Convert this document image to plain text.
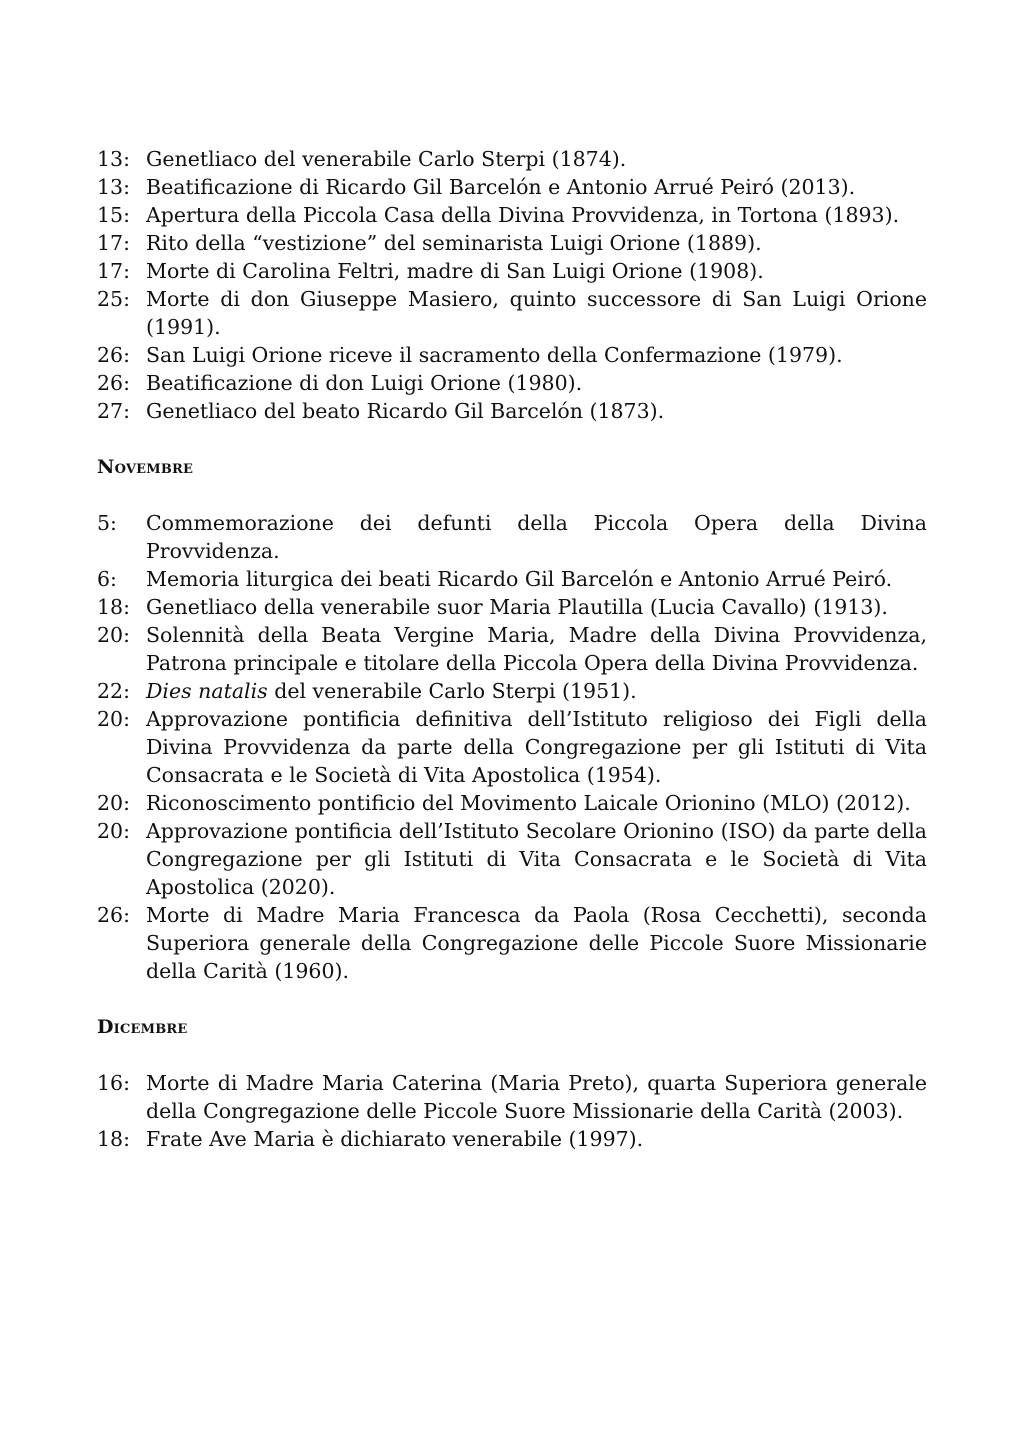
13: Genetliaco del venerabile Carlo Sterpi (1874).
13: Beatificazione di Ricardo Gil Barcelón e Antonio Arrué Peiró (2013).
15: Apertura della Piccola Casa della Divina Provvidenza, in Tortona (1893).
17: Rito della “vestizione” del seminarista Luigi Orione (1889).
17: Morte di Carolina Feltri, madre di San Luigi Orione (1908).
25: Morte di don Giuseppe Masiero, quinto successore di San Luigi Orione (1991).
26: San Luigi Orione riceve il sacramento della Confermazione (1979).
26: Beatificazione di don Luigi Orione (1980).
27: Genetliaco del beato Ricardo Gil Barcelón (1873).
Novembre
5:	Commemorazione dei defunti della Piccola Opera della Divina Provvidenza.
6:	Memoria liturgica dei beati Ricardo Gil Barcelón e Antonio Arrué Peiró.
18: Genetliaco della venerabile suor Maria Plautilla (Lucia Cavallo) (1913).
20: Solennità della Beata Vergine Maria, Madre della Divina Provvidenza, Patrona principale e titolare della Piccola Opera della Divina Provvidenza.
22: Dies natalis del venerabile Carlo Sterpi (1951).
20: Approvazione pontificia definitiva dell’Istituto religioso dei Figli della Divina Provvidenza da parte della Congregazione per gli Istituti di Vita Consacrata e le Società di Vita Apostolica (1954).
20: Riconoscimento pontificio del Movimento Laicale Orionino (MLO) (2012).
20: Approvazione pontificia dell’Istituto Secolare Orionino (ISO) da parte della Congregazione per gli Istituti di Vita Consacrata e le Società di Vita Apostolica (2020).
26: Morte di Madre Maria Francesca da Paola (Rosa Cecchetti), seconda Superiora generale della Congregazione delle Piccole Suore Missionarie della Carità (1960).
Dicembre
16: Morte di Madre Maria Caterina (Maria Preto), quarta Superiora generale della Congregazione delle Piccole Suore Missionarie della Carità (2003).
18: Frate Ave Maria è dichiarato venerabile (1997).
